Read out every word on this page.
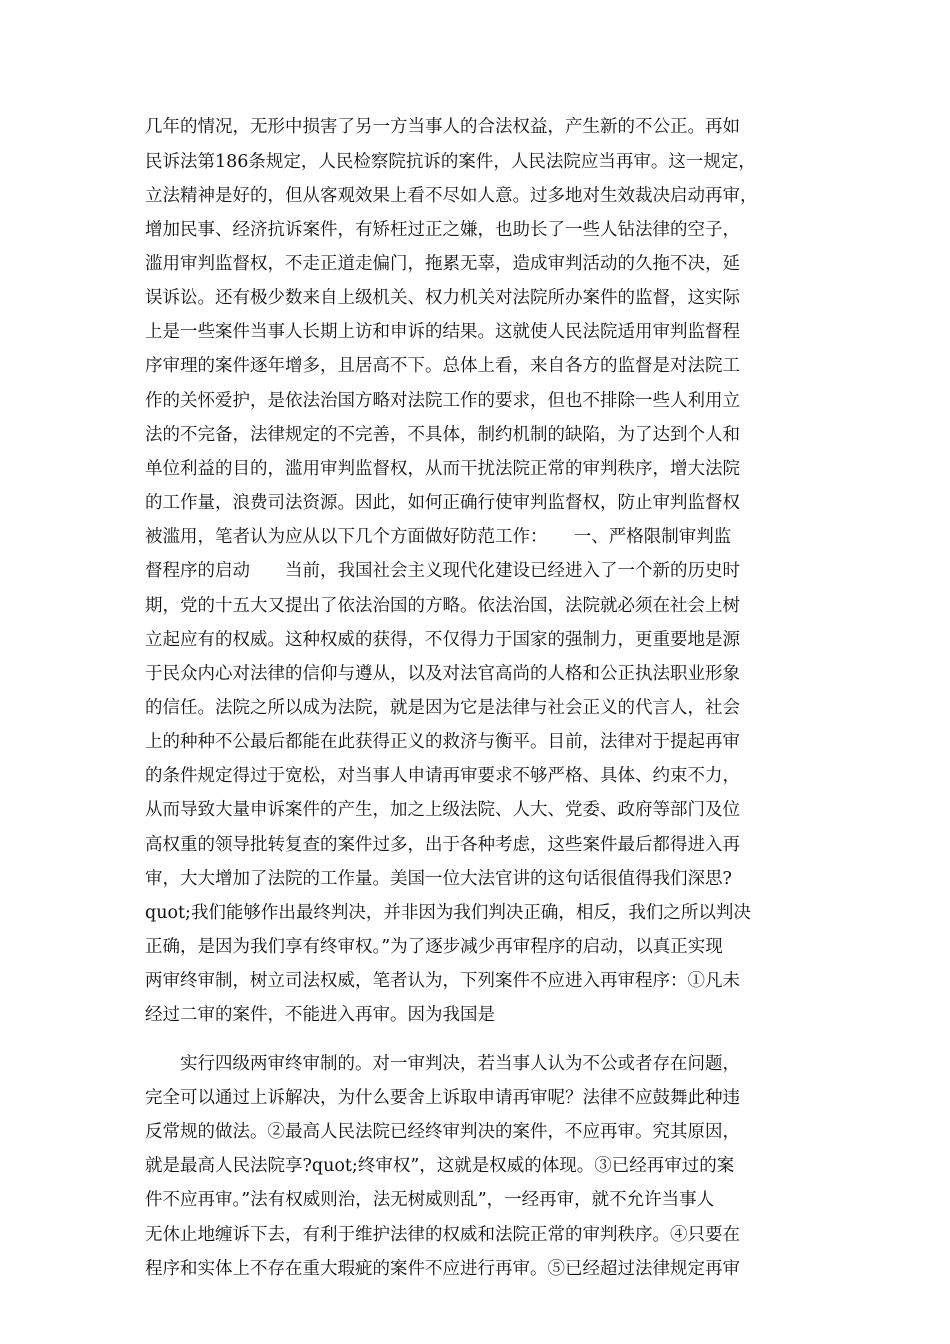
几年的情况，无形中损害了另一方当事人的合法权益，产生新的不公正。再如

民诉法第186条规定，人民检察院抗诉的案件，人民法院应当再审。这一规定，

立法精神是好的，但从客观效果上看不尽如人意。过多地对生效裁决启动再审，

增加民事、经济抗诉案件，有矫枉过正之嫌，也助长了一些人钻法律的空子，

滥用审判监督权，不走正道走偏门，拖累无辜，造成审判活动的久拖不决，延

误诉讼。还有极少数来自上级机关、权力机关对法院所办案件的监督，这实际

上是一些案件当事人长期上访和申诉的结果。这就使人民法院适用审判监督程

序审理的案件逐年增多，且居高不下。总体上看，来自各方的监督是对法院工

作的关怀爱护，是依法治国方略对法院工作的要求，但也不排除一些人利用立

法的不完备，法律规定的不完善，不具体，制约机制的缺陷，为了达到个人和

单位利益的目的，滥用审判监督权，从而干扰法院正常的审判秩序，增大法院

的工作量，浪费司法资源。因此，如何正确行使审判监督权，防止审判监督权

被滥用，笔者认为应从以下几个方面做好防范工作：　　一、严格限制审判监

督程序的启动　　当前，我国社会主义现代化建设已经进入了一个新的历史时

期，党的十五大又提出了依法治国的方略。依法治国，法院就必须在社会上树

立起应有的权威。这种权威的获得，不仅得力于国家的强制力，更重要地是源

于民众内心对法律的信仰与遵从，以及对法官高尚的人格和公正执法职业形象

的信任。法院之所以成为法院，就是因为它是法律与社会正义的代言人，社会

上的种种不公最后都能在此获得正义的救济与衡平。目前，法律对于提起再审

的条件规定得过于宽松，对当事人申请再审要求不够严格、具体、约束不力，

从而导致大量申诉案件的产生，加之上级法院、人大、党委、政府等部门及位

高权重的领导批转复查的案件过多，出于各种考虑，这些案件最后都得进入再

审，大大增加了法院的工作量。美国一位大法官讲的这句话很值得我们深思?

quot;我们能够作出最终判决，并非因为我们判决正确，相反，我们之所以判决

正确，是因为我们享有终审权。”为了逐步减少再审程序的启动，以真正实现

两审终审制，树立司法权威，笔者认为，下列案件不应进入再审程序：①凡未

经过二审的案件，不能进入再审。因为我国是

　　实行四级两审终审制的。对一审判决，若当事人认为不公或者存在问题，

完全可以通过上诉解决，为什么要舍上诉取申请再审呢？法律不应鼓舞此种违

反常规的做法。②最高人民法院已经终审判决的案件，不应再审。究其原因，

就是最高人民法院享?quot;终审权”，这就是权威的体现。③已经再审过的案

件不应再审。”法有权威则治，法无树威则乱”，一经再审，就不允许当事人

无休止地缠诉下去，有利于维护法律的权威和法院正常的审判秩序。④只要在

程序和实体上不存在重大瑕疵的案件不应进行再审。⑤已经超过法律规定再审
